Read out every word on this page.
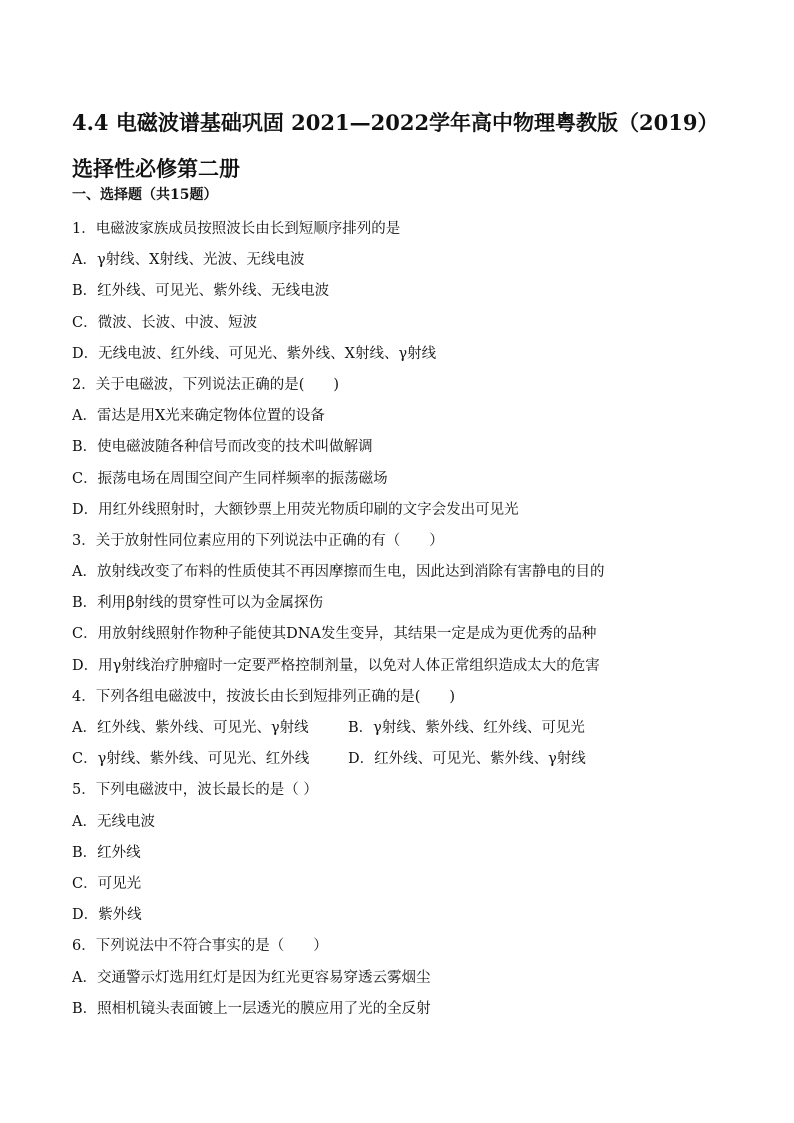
4.4 电磁波谱基础巩固 2021—2022学年高中物理粤教版（2019）选择性必修第二册
一、选择题（共15题）
1．电磁波家族成员按照波长由长到短顺序排列的是
A．γ射线、X射线、光波、无线电波
B．红外线、可见光、紫外线、无线电波
C．微波、长波、中波、短波
D．无线电波、红外线、可见光、紫外线、X射线、γ射线
2．关于电磁波，下列说法正确的是(　　)
A．雷达是用X光来确定物体位置的设备
B．使电磁波随各种信号而改变的技术叫做解调
C．振荡电场在周围空间产生同样频率的振荡磁场
D．用红外线照射时，大额钞票上用荧光物质印刷的文字会发出可见光
3．关于放射性同位素应用的下列说法中正确的有（　　）
A．放射线改变了布料的性质使其不再因摩擦而生电，因此达到消除有害静电的目的
B．利用β射线的贯穿性可以为金属探伤
C．用放射线照射作物种子能使其DNA发生变异，其结果一定是成为更优秀的品种
D．用γ射线治疗肿瘤时一定要严格控制剂量，以免对人体正常组织造成太大的危害
4．下列各组电磁波中，按波长由长到短排列正确的是(　　)
A．红外线、紫外线、可见光、γ射线	B．γ射线、紫外线、红外线、可见光
C．γ射线、紫外线、可见光、红外线	D．红外线、可见光、紫外线、γ射线
5．下列电磁波中，波长最长的是（ ）
A．无线电波
B．红外线
C．可见光
D．紫外线
6．下列说法中不符合事实的是（　　）
A．交通警示灯选用红灯是因为红光更容易穿透云雾烟尘
B．照相机镜头表面镀上一层透光的膜应用了光的全反射
